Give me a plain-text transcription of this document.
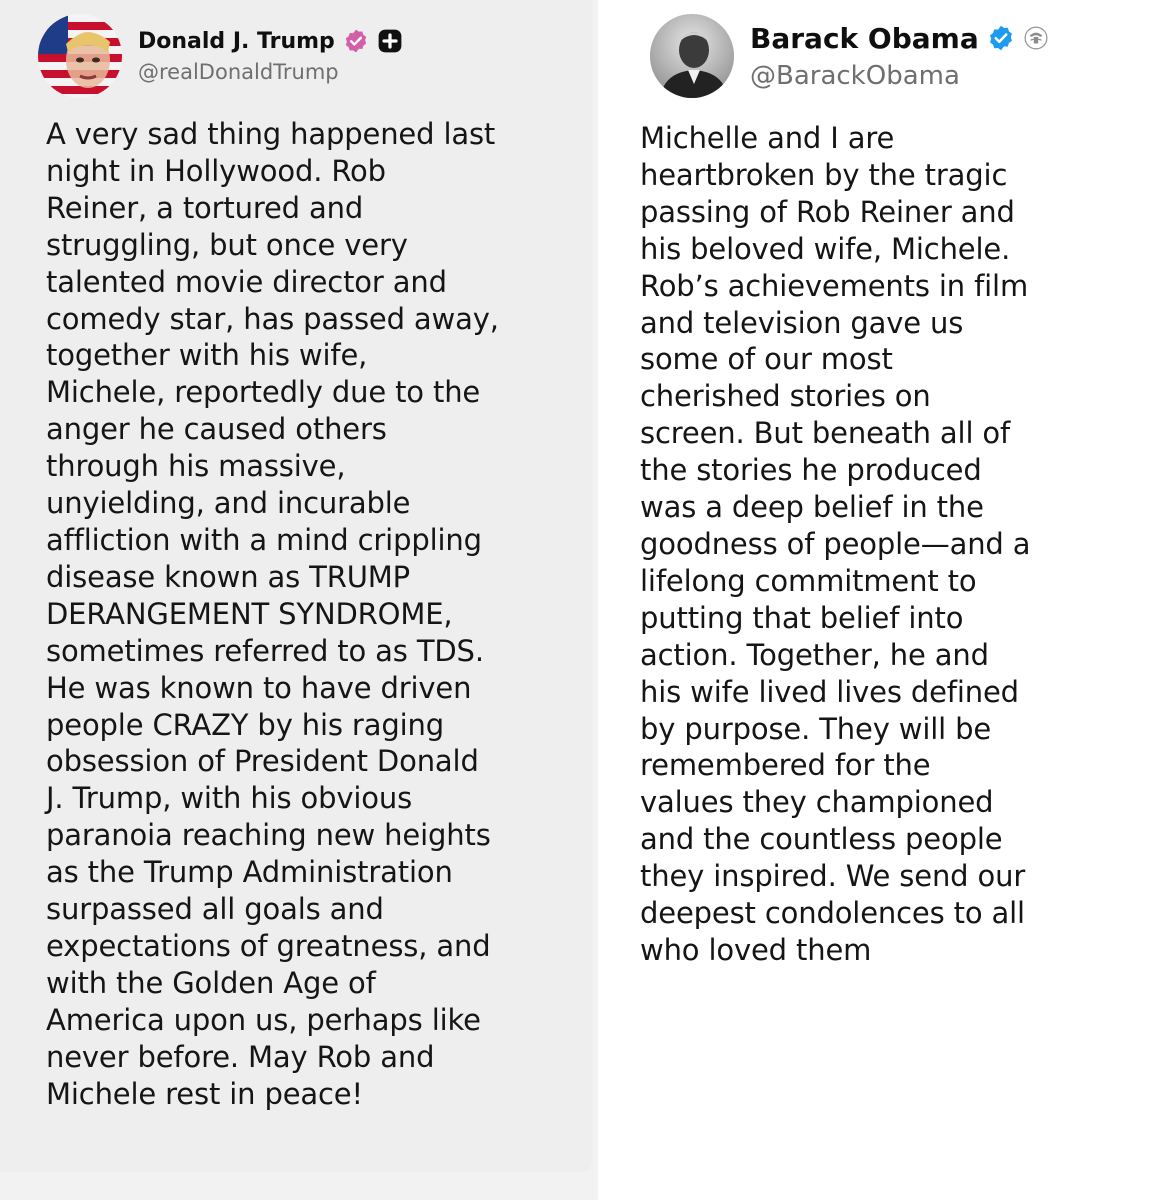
Donald J. Trump
@realDonaldTrump

A very sad thing happened last
night in Hollywood. Rob
Reiner, a tortured and
struggling, but once very
talented movie director and
comedy star, has passed away,
together with his wife,
Michele, reportedly due to the
anger he caused others
through his massive,
unyielding, and incurable
affliction with a mind crippling
disease known as TRUMP
DERANGEMENT SYNDROME,
sometimes referred to as TDS.
He was known to have driven
people CRAZY by his raging
obsession of President Donald
J. Trump, with his obvious
paranoia reaching new heights
as the Trump Administration
surpassed all goals and
expectations of greatness, and
with the Golden Age of
America upon us, perhaps like
never before. May Rob and
Michele rest in peace!

Barack Obama
@BarackObama

Michelle and I are
heartbroken by the tragic
passing of Rob Reiner and
his beloved wife, Michele.
Rob’s achievements in film
and television gave us
some of our most
cherished stories on
screen. But beneath all of
the stories he produced
was a deep belief in the
goodness of people—and a
lifelong commitment to
putting that belief into
action. Together, he and
his wife lived lives defined
by purpose. They will be
remembered for the
values they championed
and the countless people
they inspired. We send our
deepest condolences to all
who loved them
